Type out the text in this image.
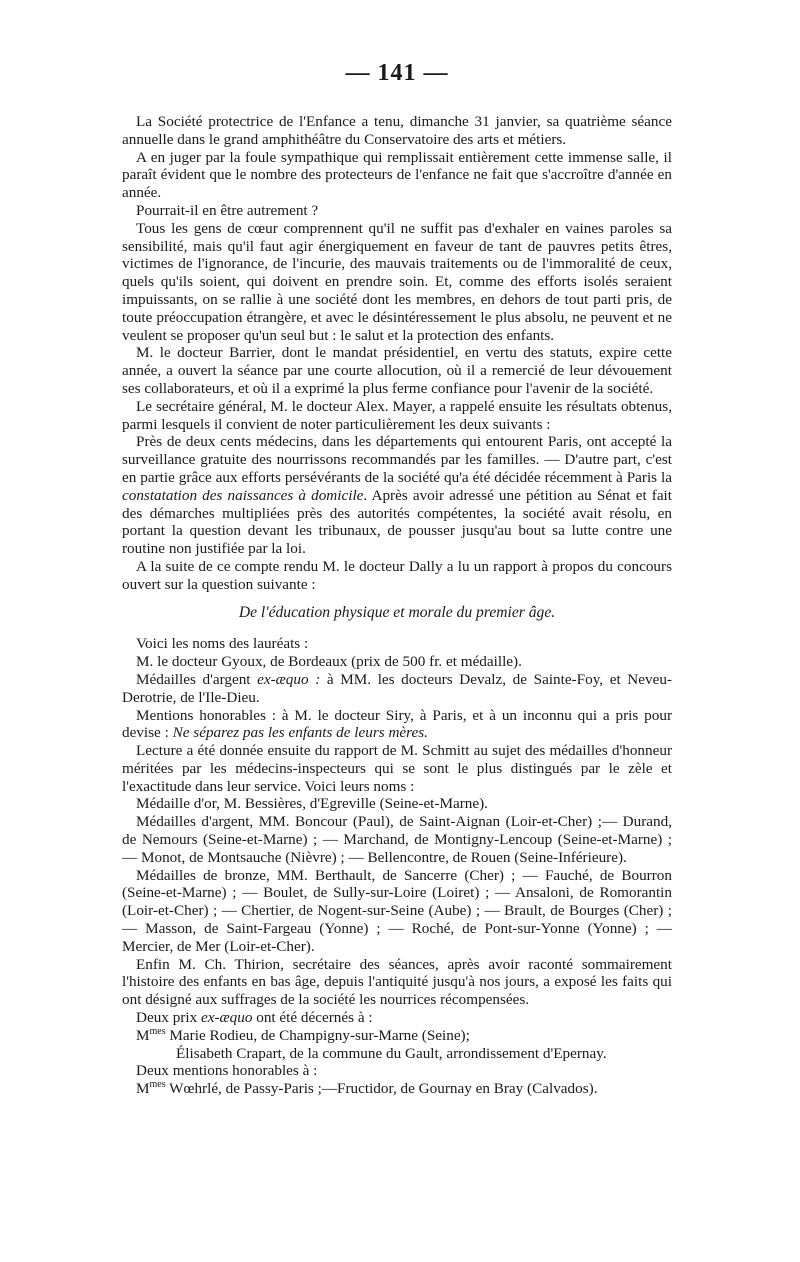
— 141 —

La Société protectrice de l'Enfance a tenu, dimanche 31 janvier, sa quatrième séance annuelle dans le grand amphithéâtre du Conservatoire des arts et métiers.

A en juger par la foule sympathique qui remplissait entièrement cette immense salle, il paraît évident que le nombre des protecteurs de l'enfance ne fait que s'accroître d'année en année.

Pourrait-il en être autrement ?

Tous les gens de cœur comprennent qu'il ne suffit pas d'exhaler en vaines paroles sa sensibilité, mais qu'il faut agir énergiquement en faveur de tant de pauvres petits êtres, victimes de l'ignorance, de l'incurie, des mauvais traitements ou de l'immoralité de ceux, quels qu'ils soient, qui doivent en prendre soin. Et, comme des efforts isolés seraient impuissants, on se rallie à une société dont les membres, en dehors de tout parti pris, de toute préoccupation étrangère, et avec le désintéressement le plus absolu, ne peuvent et ne veulent se proposer qu'un seul but : le salut et la protection des enfants.

M. le docteur Barrier, dont le mandat présidentiel, en vertu des statuts, expire cette année, a ouvert la séance par une courte allocution, où il a remercié de leur dévouement ses collaborateurs, et où il a exprimé la plus ferme confiance pour l'avenir de la société.

Le secrétaire général, M. le docteur Alex. Mayer, a rappelé ensuite les résultats obtenus, parmi lesquels il convient de noter particulièrement les deux suivants :

Près de deux cents médecins, dans les départements qui entourent Paris, ont accepté la surveillance gratuite des nourrissons recommandés par les familles. — D'autre part, c'est en partie grâce aux efforts persévérants de la société qu'a été décidée récemment à Paris la constatation des naissances à domicile. Après avoir adressé une pétition au Sénat et fait des démarches multipliées près des autorités compétentes, la société avait résolu, en portant la question devant les tribunaux, de pousser jusqu'au bout sa lutte contre une routine non justifiée par la loi.

A la suite de ce compte rendu M. le docteur Dally a lu un rapport à propos du concours ouvert sur la question suivante :

De l'éducation physique et morale du premier âge.

Voici les noms des lauréats :

M. le docteur Gyoux, de Bordeaux (prix de 500 fr. et médaille).

Médailles d'argent ex-æquo : à MM. les docteurs Devalz, de Sainte-Foy, et Neveu-Derotrie, de l'Ile-Dieu.

Mentions honorables : à M. le docteur Siry, à Paris, et à un inconnu qui a pris pour devise : Ne séparez pas les enfants de leurs mères.

Lecture a été donnée ensuite du rapport de M. Schmitt au sujet des médailles d'honneur méritées par les médecins-inspecteurs qui se sont le plus distingués par le zèle et l'exactitude dans leur service. Voici leurs noms :

Médaille d'or, M. Bessières, d'Egreville (Seine-et-Marne).

Médailles d'argent, MM. Boncour (Paul), de Saint-Aignan (Loir-et-Cher) ;— Durand, de Nemours (Seine-et-Marne) ; — Marchand, de Montigny-Lencoup (Seine-et-Marne) ; — Monot, de Montsauche (Nièvre) ; — Bellencontre, de Rouen (Seine-Inférieure).

Médailles de bronze, MM. Berthault, de Sancerre (Cher) ; — Fauché, de Bourron (Seine-et-Marne) ; — Boulet, de Sully-sur-Loire (Loiret) ; — Ansaloni, de Romorantin (Loir-et-Cher) ; — Chertier, de Nogent-sur-Seine (Aube) ; — Brault, de Bourges (Cher) ; — Masson, de Saint-Fargeau (Yonne) ; — Roché, de Pont-sur-Yonne (Yonne) ; — Mercier, de Mer (Loir-et-Cher).

Enfin M. Ch. Thirion, secrétaire des séances, après avoir raconté sommairement l'histoire des enfants en bas âge, depuis l'antiquité jusqu'à nos jours, a exposé les faits qui ont désigné aux suffrages de la société les nourrices récompensées.

Deux prix ex-æquo ont été décernés à :

$M^{mes}$ Marie Rodieu, de Champigny-sur-Marne (Seine);

Élisabeth Crapart, de la commune du Gault, arrondissement d'Epernay.

Deux mentions honorables à :

$M^{mes}$ Wœhrlé, de Passy-Paris ;—Fructidor, de Gournay en Bray (Calvados).
